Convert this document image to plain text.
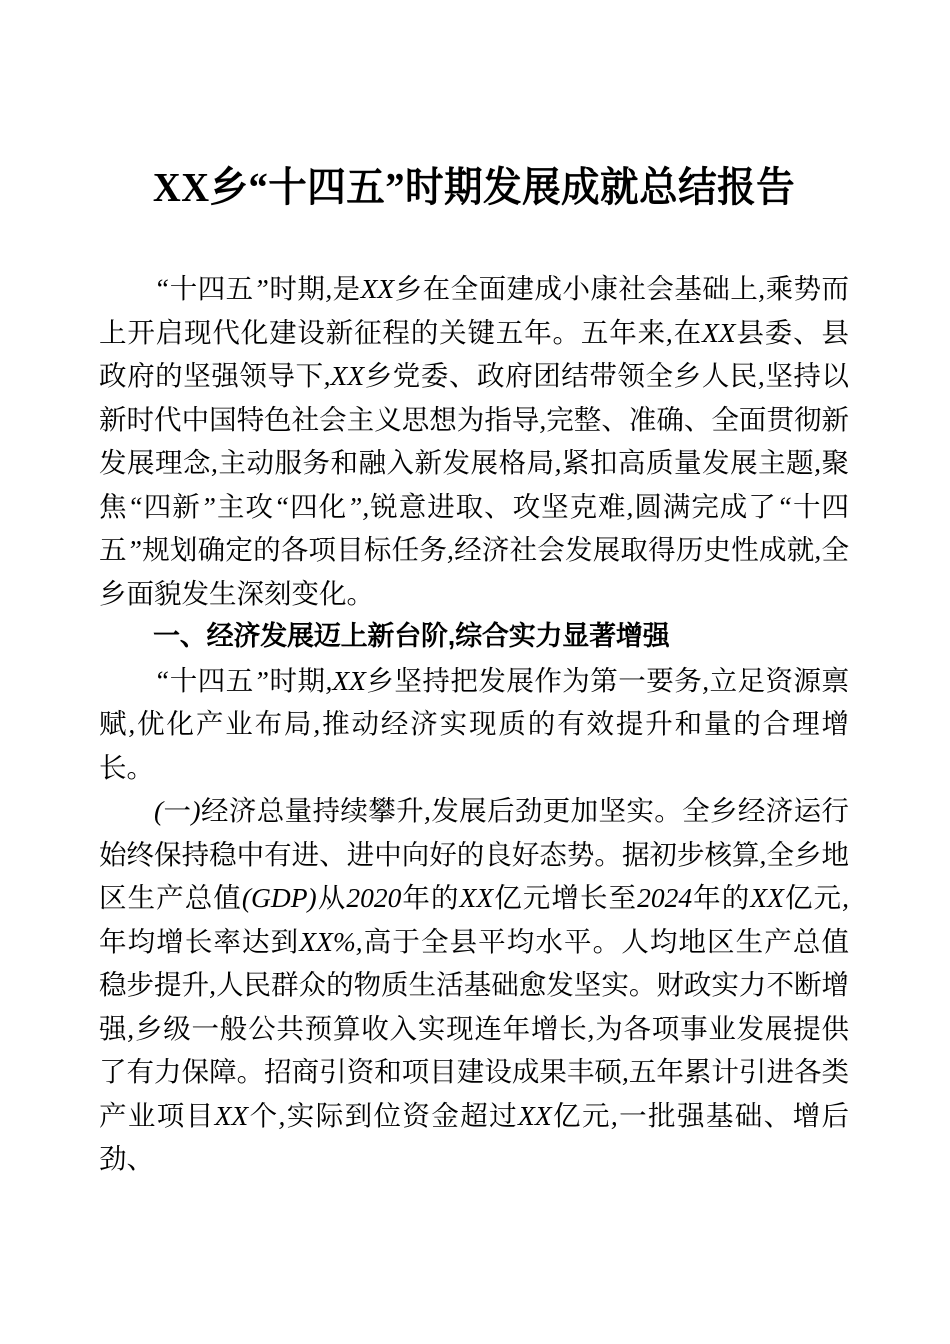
XX乡“十四五”时期发展成就总结报告

“十四五”时期,是XX乡在全面建成小康社会基础上,乘势而上开启现代化建设新征程的关键五年。五年来,在XX县委、县政府的坚强领导下,XX乡党委、政府团结带领全乡人民,坚持以新时代中国特色社会主义思想为指导,完整、准确、全面贯彻新发展理念,主动服务和融入新发展格局,紧扣高质量发展主题,聚焦“四新”主攻“四化”,锐意进取、攻坚克难,圆满完成了“十四五”规划确定的各项目标任务,经济社会发展取得历史性成就,全乡面貌发生深刻变化。

一、经济发展迈上新台阶,综合实力显著增强

“十四五”时期,XX乡坚持把发展作为第一要务,立足资源禀赋,优化产业布局,推动经济实现质的有效提升和量的合理增长。

(一)经济总量持续攀升,发展后劲更加坚实。全乡经济运行始终保持稳中有进、进中向好的良好态势。据初步核算,全乡地区生产总值(GDP)从2020年的XX亿元增长至2024年的XX亿元,年均增长率达到XX%,高于全县平均水平。人均地区生产总值稳步提升,人民群众的物质生活基础愈发坚实。财政实力不断增强,乡级一般公共预算收入实现连年增长,为各项事业发展提供了有力保障。招商引资和项目建设成果丰硕,五年累计引进各类产业项目XX个,实际到位资金超过XX亿元,一批强基础、增后劲、
